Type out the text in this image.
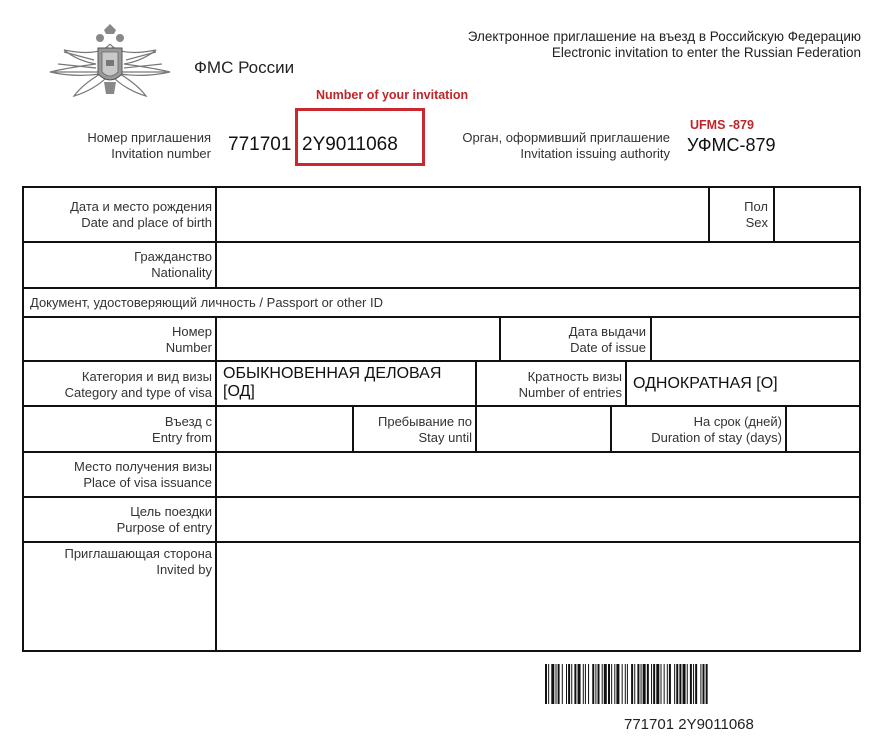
ФМС России
Электронное приглашение на въезд в Российскую Федерацию
Electronic invitation to enter the Russian Federation
Number of your invitation
UFMS -879
Номер приглашения
Invitation number 771701 2Y9011068	Орган, оформивший приглашение
Invitation issuing authority УФМС-879
Дата и место рождения
Date and place of birth
Пол
Sex
Гражданство
Nationality
Документ, удостоверяющий личность / Passport or other ID
Номер
Number
Дата выдачи
Date of issue
Категория и вид визы
Category and type of visa
ОБЫКНОВЕННАЯ ДЕЛОВАЯ
[ОД]
Кратность визы
Number of entries
ОДНОКРАТНАЯ [О]
Въезд с
Entry from
Пребывание по
Stay until
На срок (дней)
Duration of stay (days)
Место получения визы
Place of visa issuance
Цель поездки
Purpose of entry
Приглашающая сторона
Invited by
771701 2Y9011068
